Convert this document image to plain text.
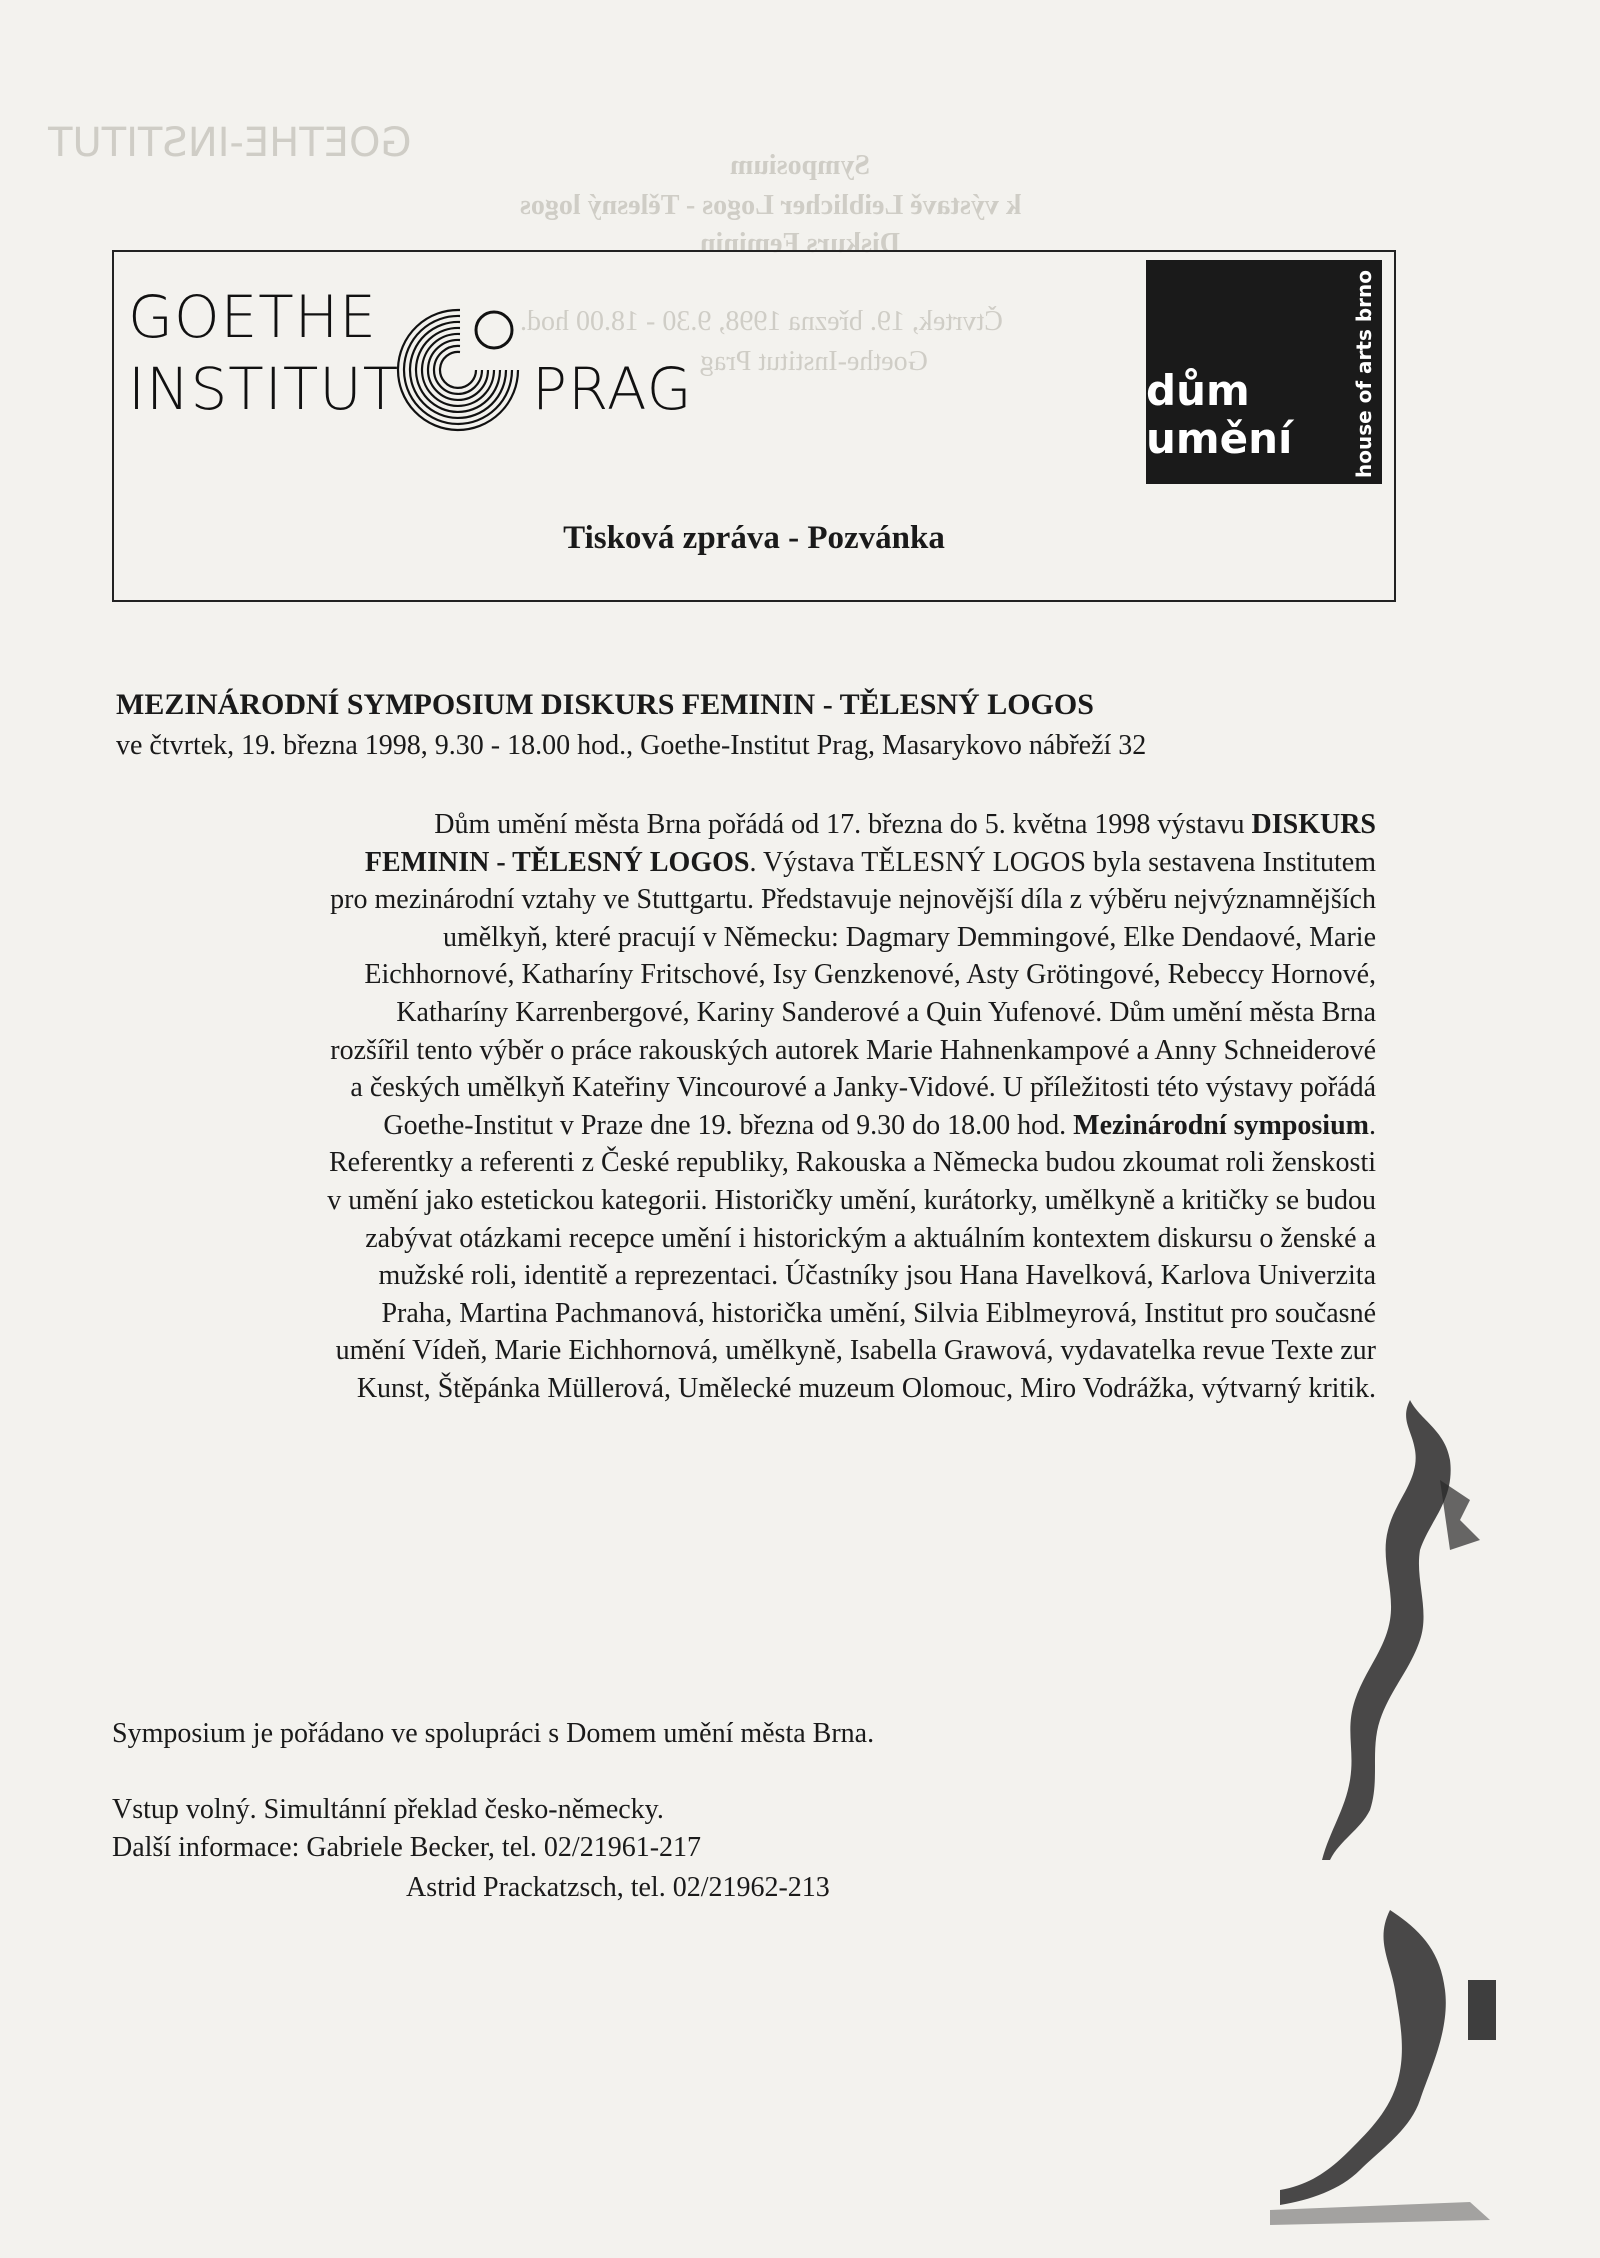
GOETHE-INSTITUT	Symposium
k výstavě Leiblicher Logos - Tělesný logos
Diskurs Feminin
Čtvrtek, 19. března 1998, 9.30 - 18.00 hod.
Goethe-Institut Prag
GOETHE
INSTITUT PRAG	dům
umění	house of arts brno
Tisková zpráva - Pozvánka
MEZINÁRODNÍ SYMPOSIUM DISKURS FEMININ - TĚLESNÝ LOGOS
ve čtvrtek, 19. března 1998, 9.30 - 18.00 hod., Goethe-Institut Prag, Masarykovo nábřeží 32
Dům umění města Brna pořádá od 17. března do 5. května 1998 výstavu DISKURS FEMININ - TĚLESNÝ LOGOS. Výstava TĚLESNÝ LOGOS byla sestavena Institutem pro mezinárodní vztahy ve Stuttgartu. Představuje nejnovější díla z výběru nejvýznamnějších umělkyň, které pracují v Německu: Dagmary Demmingové, Elke Dendaové, Marie Eichhornové, Katharíny Fritschové, Isy Genzkenové, Asty Grötingové, Rebeccy Hornové, Katharíny Karrenbergové, Kariny Sanderové a Quin Yufenové. Dům umění města Brna rozšířil tento výběr o práce rakouských autorek Marie Hahnenkampové a Anny Schneiderové a českých umělkyň Kateřiny Vincourové a Janky-Vidové. U příležitosti této výstavy pořádá Goethe-Institut v Praze dne 19. března od 9.30 do 18.00 hod. Mezinárodní symposium. Referentky a referenti z České republiky, Rakouska a Německa budou zkoumat roli ženskosti v umění jako estetickou kategorii. Historičky umění, kurátorky, umělkyně a kritičky se budou zabývat otázkami recepce umění i historickým a aktuálním kontextem diskursu o ženské a mužské roli, identitě a reprezentaci. Účastníky jsou Hana Havelková, Karlova Univerzita Praha, Martina Pachmanová, historička umění, Silvia Eiblmeyrová, Institut pro současné umění Vídeň, Marie Eichhornová, umělkyně, Isabella Grawová, vydavatelka revue Texte zur Kunst, Štěpánka Müllerová, Umělecké muzeum Olomouc, Miro Vodrážka, výtvarný kritik.
Symposium je pořádano ve spolupráci s Domem umění města Brna.
Vstup volný. Simultánní překlad česko-německy.
Další informace: Gabriele Becker, tel. 02/21961-217
Astrid Prackatzsch, tel. 02/21962-213
